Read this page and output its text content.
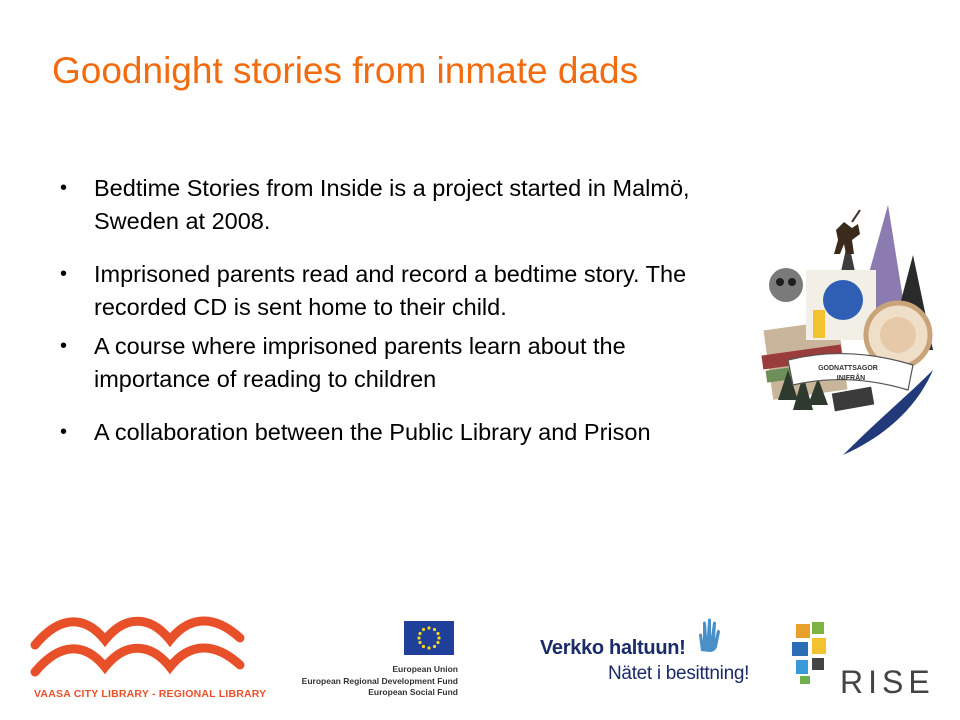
Goodnight stories from inmate dads
• Bedtime Stories from Inside is a project started in Malmö, Sweden at 2008.
• Imprisoned parents read and record a bedtime story. The recorded CD is sent home to their child.
• A course where imprisoned parents learn about the importance of reading to children
• A collaboration between the Public Library and Prison
GODNATTSAGOR
INIFRÅN
VAASA CITY LIBRARY - REGIONAL LIBRARY
European Union
European Regional Development Fund
European Social Fund
Verkko haltuun!
Nätet i besittning!	RISE
